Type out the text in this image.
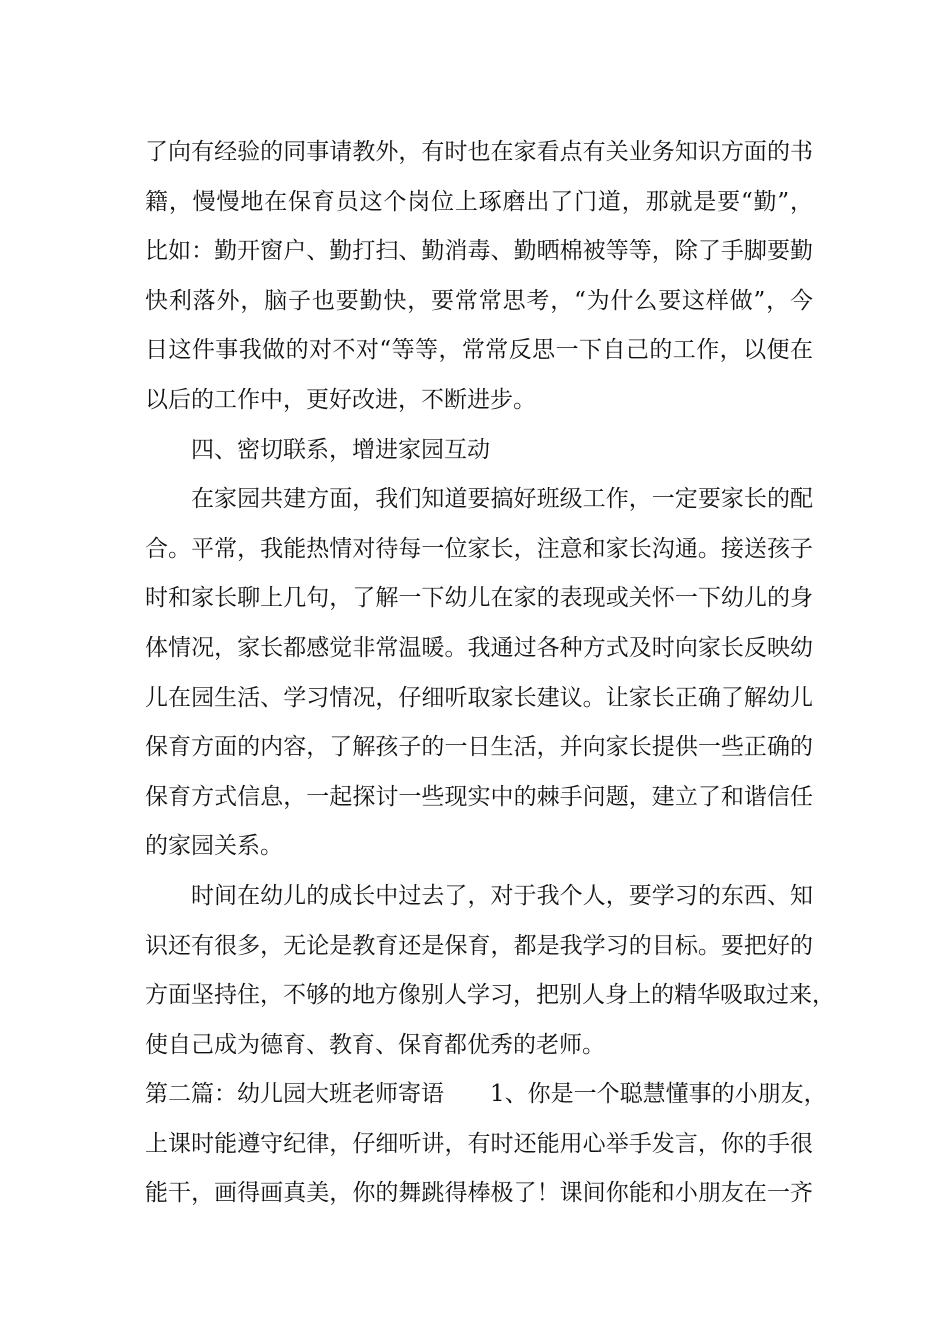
了向有经验的同事请教外，有时也在家看点有关业务知识方面的书
籍，慢慢地在保育员这个岗位上琢磨出了门道，那就是要“勤”，
比如：勤开窗户、勤打扫、勤消毒、勤晒棉被等等，除了手脚要勤
快利落外，脑子也要勤快，要常常思考，“为什么要这样做”，今
日这件事我做的对不对“等等，常常反思一下自己的工作，以便在
以后的工作中，更好改进，不断进步。
四、密切联系，增进家园互动
在家园共建方面，我们知道要搞好班级工作，一定要家长的配
合。平常，我能热情对待每一位家长，注意和家长沟通。接送孩子
时和家长聊上几句，了解一下幼儿在家的表现或关怀一下幼儿的身
体情况，家长都感觉非常温暖。我通过各种方式及时向家长反映幼
儿在园生活、学习情况，仔细听取家长建议。让家长正确了解幼儿
保育方面的内容，了解孩子的一日生活，并向家长提供一些正确的
保育方式信息，一起探讨一些现实中的棘手问题，建立了和谐信任
的家园关系。
时间在幼儿的成长中过去了，对于我个人，要学习的东西、知
识还有很多，无论是教育还是保育，都是我学习的目标。要把好的
方面坚持住，不够的地方像别人学习，把别人身上的精华吸取过来，
使自己成为德育、教育、保育都优秀的老师。
第二篇：幼儿园大班老师寄语　　1、你是一个聪慧懂事的小朋友，
上课时能遵守纪律，仔细听讲，有时还能用心举手发言，你的手很
能干，画得画真美，你的舞跳得棒极了！课间你能和小朋友在一齐
